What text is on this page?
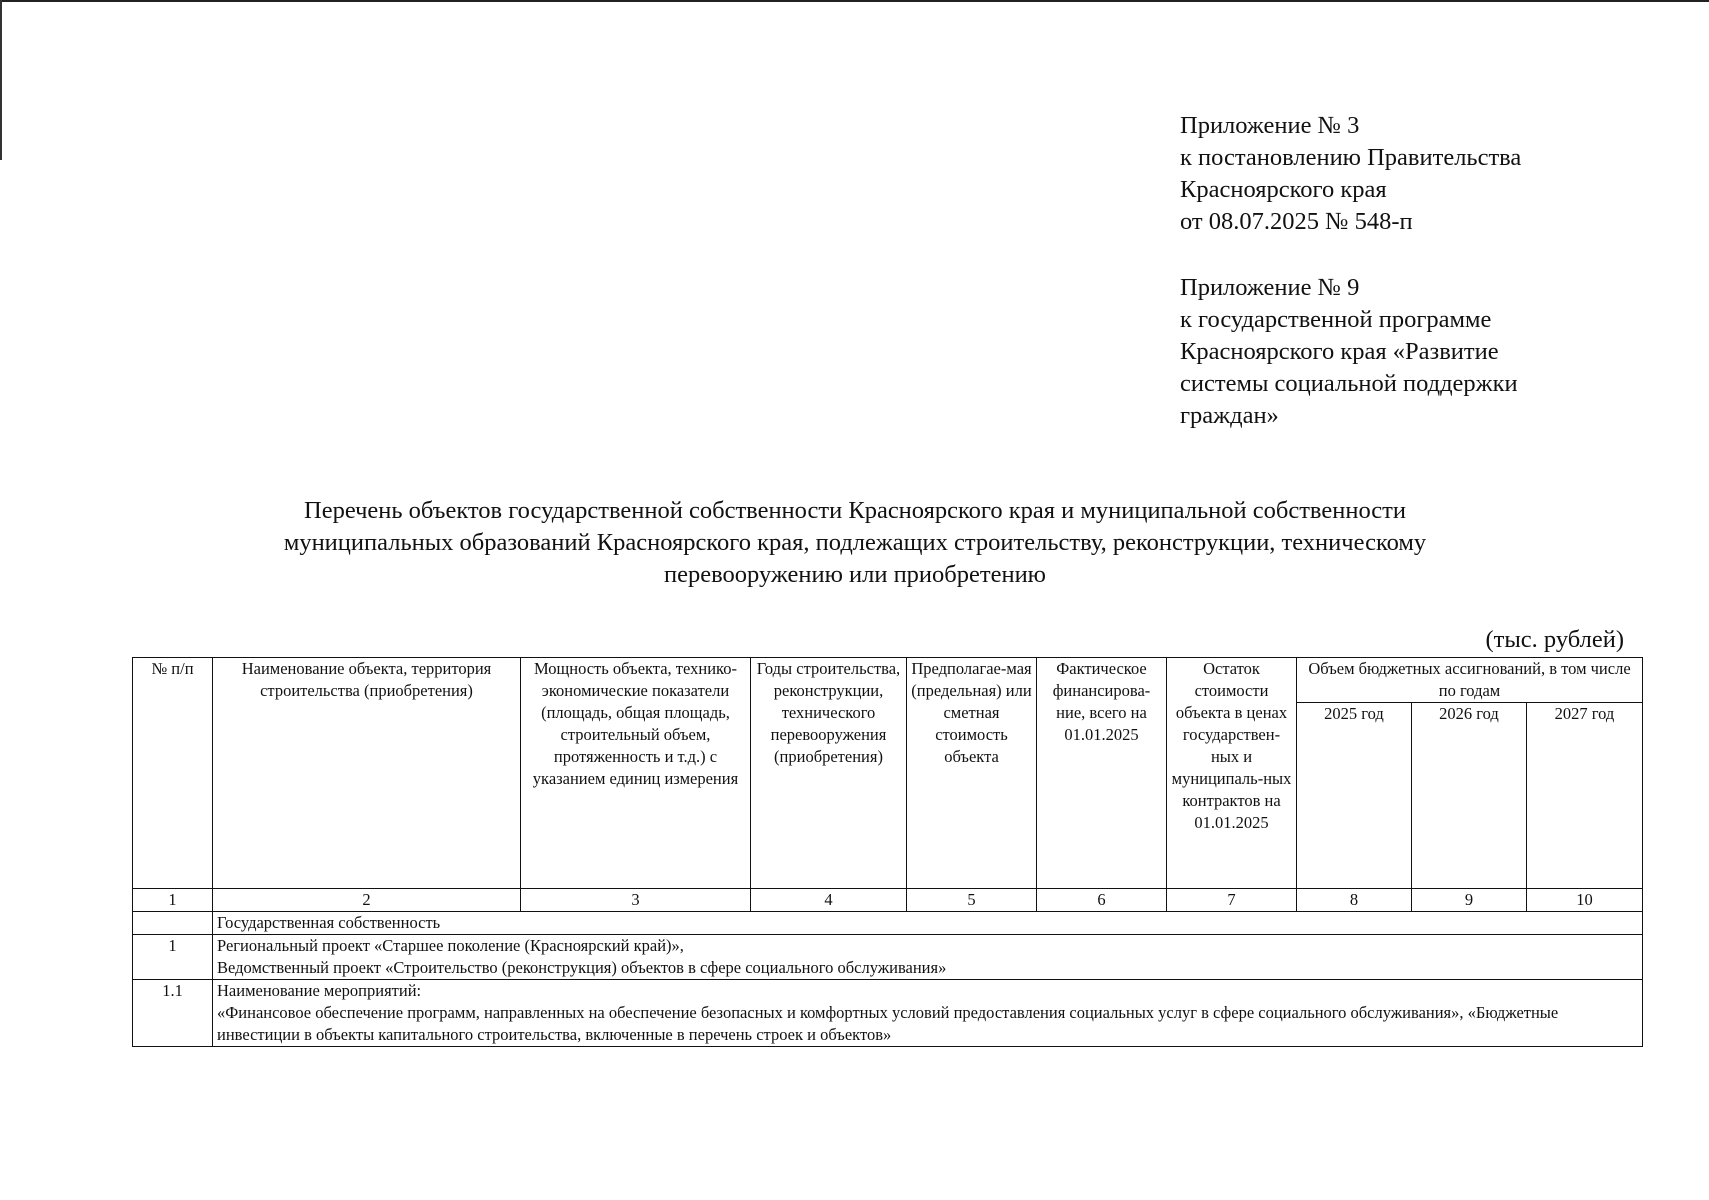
Приложение № 3
к постановлению Правительства
Красноярского края
от 08.07.2025 № 548-п
Приложение № 9
к государственной программе
Красноярского края «Развитие
системы социальной поддержки
граждан»
Перечень объектов государственной собственности Красноярского края и муниципальной собственности
муниципальных образований Красноярского края, подлежащих строительству, реконструкции, техническому
перевооружению или приобретению
(тыс. рублей)
№ п/п	Наименование объекта, территория строительства (приобретения)	Мощность объекта, технико-экономические показатели (площадь, общая площадь, строительный объем, протяженность и т.д.) с указанием единиц измерения	Годы строительства, реконструкции, технического перевооружения (приобретения)	Предполагае-мая (предельная) или сметная стоимость объекта	Фактическое финансирова-ние, всего на 01.01.2025	Остаток стоимости объекта в ценах государствен-ных и муниципаль-ных контрактов на 01.01.2025	Объем бюджетных ассигнований, в том числе по годам		
							2025 год	2026 год	2027 год
1	2	3	4	5	6	7	8	9	10

	Государственная собственность								

1	Региональный проект «Старшее поколение (Красноярский край)»,
Ведомственный проект «Строительство (реконструкция) объектов в сфере социального обслуживания»								

1.1	Наименование мероприятий:
«Финансовое обеспечение программ, направленных на обеспечение безопасных и комфортных условий предоставления социальных услуг в сфере социального обслуживания», «Бюджетные инвестиции в объекты капитального строительства, включенные в перечень строек и объектов»								
